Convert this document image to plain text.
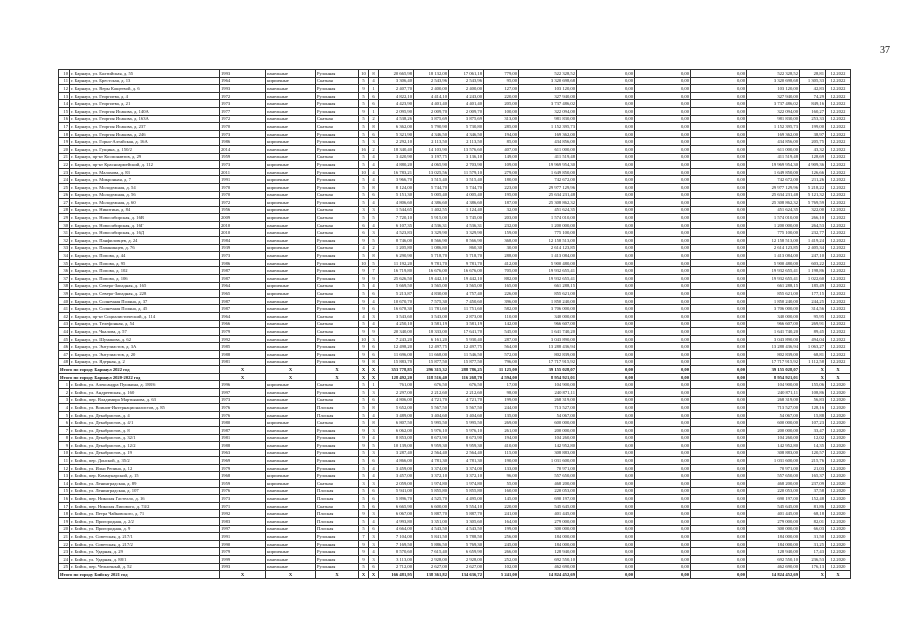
37
10	г. Барнаул, ул. Балтийская, д. 55	1993	панельные	Рулонная	10	8	20 665,98	18 132,08	17 061,18	779,00	522 328,52	0,00	0,00	0,00	522 328,52	28,81	12.2022
11	г. Барнаул, ул. Брестская, д. 13	1964	кирпичные	Скатная	5	4	3 306,40	2 543,96	2 543,96	95,00	3 320 698,68	0,00	0,00	0,00	3 320 698,68	1 305,33	12.2022
12	г. Барнаул, ул. Веры Кащеевой, д. 6	1993	панельные	Рулонная	9	1	2 407,70	2 400,00	2 400,00	127,00	103 120,00	0,00	0,00	0,00	103 120,00	42,83	12.2022
13	г. Барнаул, ул. Георгиева, д. 4	1972	панельные	Рулонная	5	6	4 822,10	4 414,10	4 243,00	220,00	327 940,00	0,00	0,00	0,00	327 940,00	74,29	12.2022
14	г. Барнаул, ул. Георгиева, д. 21	1973	панельные	Рулонная	5	6	4 423,90	4 401,40	4 401,40	205,00	3 737 486,02	0,00	0,00	0,00	3 737 486,02	849,16	12.2022
15	г. Барнаул, ул. Георгия Исакова, д. 140А	1977	панельные	Рулонная	9	1	2 095,90	2 009,70	2 009,70	100,00	322 094,00	0,00	0,00	0,00	322 094,00	160,27	12.2022
16	г. Барнаул, ул. Георгия Исакова, д. 163А	1972	панельные	Скатная	5	2	4 538,26	3 875,69	3 875,69	313,00	981 830,00	0,00	0,00	0,00	981 830,00	253,33	12.2022
17	г. Барнаул, ул. Георгия Исакова, д. 237	1970	панельные	Скатная	5	8	6 362,00	5 790,90	5 730,80	285,00	1 152 395,73	0,00	0,00	0,00	1 152 395,73	199,00	12.2022
18	г. Барнаул, ул. Георгия Исакова, д. 246	1973	панельные	Рулонная	5	6	5 321,90	4 346,50	4 346,50	194,00	169 362,00	0,00	0,00	0,00	169 362,00	38,97	12.2022
19	г. Барнаул, ул. Горно-Алтайская, д. 16А	1986	кирпичные	Рулонная	5	3	2 292,10	2 113,50	2 113,50	85,00	434 856,00	0,00	0,00	0,00	434 856,00	205,75	12.2022
20	г. Барнаул, ул. Гущина, д. 150/2	2014	панельные	Рулонная	16	2	18 340,40	14 103,90	13 576,60	407,00	611 000,00	0,00	0,00	0,00	611 000,00	43,32	12.2022
21	г. Барнаул, пр-кт Космонавтов, д. 29	1959	панельные	Скатная	5	4	3 420,90	3 197,75	3 136,10	149,00	411 519,48	0,00	0,00	0,00	411 519,48	128,69	12.2022
22	г. Барнаул, пр-кт Красноармейский, д. 112	1973	кирпичные	Рулонная	5	4	4 880,20	4 065,90	2 703,90	109,00	19 969 954,30	0,00	0,00	0,00	19 969 954,30	4 909,36	12.2022
23	г. Барнаул, ул. Малахова, д. 83	2011	панельные	Рулонная	10	4	16 783,21	13 025,56	11 579,10	279,00	1 649 850,00	0,00	0,00	0,00	1 649 850,00	126,66	12.2022
24	г. Барнаул, ул. Микронная, д. 7	1991	кирпичные	Рулонная	5	4	3 966,70	3 515,40	3 515,40	180,00	742 672,00	0,00	0,00	0,00	742 672,00	211,26	12.2022
25	г. Барнаул, ул. Молодежная, д. 54	1970	кирпичные	Рулонная	5	8	8 124,00	5 744,70	5 744,70	223,00	29 977 129,96	0,00	0,00	0,00	29 977 129,96	5 218,22	12.2022
26	г. Барнаул, ул. Молодежная, д. 56	1970	панельные	Скатная	5	6	5 151,30	5 005,40	4 005,40	195,00	25 634 231,48	0,00	0,00	0,00	25 634 231,48	5 121,32	12.2022
27	г. Барнаул, ул. Молодежная, д. 60	1972	кирпичные	Рулонная	5	4	4 806,60	4 386,60	4 386,60	187,00	25 308 862,32	0,00	0,00	0,00	25 308 862,32	5 769,59	12.2022
28	г. Барнаул, ул. Никитина, д. 84	1956	кирпичные	Скатная	3	3	1 544,65	1 402,55	1 124,40	32,00	451 624,35	0,00	0,00	0,00	451 624,35	322,00	12.2022
29	г. Барнаул, ул. Новосибирская, д. 16В	2009	кирпичные	Скатная	5	5	7 720,10	5 915,00	5 745,00	203,00	1 574 010,00	0,00	0,00	0,00	1 574 010,00	266,10	12.2022
30	г. Барнаул, ул. Новосибирская, д. 16Г	2010	панельные	Скатная	6	4	6 107,35	4 536,31	4 536,31	232,00	1 200 000,00	0,00	0,00	0,00	1 200 000,00	264,53	12.2022
31	г. Барнаул, ул. Новосибирская, д. 16Д	2010	панельные	Скатная	6	3	4 523,83	3 329,90	3 329,90	159,00	775 100,00	0,00	0,00	0,00	775 100,00	232,77	12.2022
32	г. Барнаул, ул. Панфиловцев, д. 24	1984	панельные	Рулонная	9	5	8 746,00	8 566,90	8 566,90	368,00	12 158 513,00	0,00	0,00	0,00	12 158 513,00	1 419,24	12.2022
33	г. Барнаул, ул. Папанинцев, д. 76	1939	кирпичные	Скатная	4	2	1 205,80	1 086,80	860,30	30,00	2 614 123,85	0,00	0,00	0,00	2 614 123,85	2 405,34	12.2022
34	г. Барнаул, ул. Попова, д. 44	1973	панельные	Рулонная	5	8	6 290,90	5 718,70	5 718,70	288,00	1 413 084,00	0,00	0,00	0,00	1 413 084,00	247,10	12.2022
35	г. Барнаул, ул. Попова, д. 95	1986	панельные	Рулонная	10	5	11 192,20	9 781,70	9 781,70	412,00	5 900 480,00	0,00	0,00	0,00	5 900 480,00	603,22	12.2022
36	г. Барнаул, ул. Попова, д. 102	1987	панельные	Рулонная	9	7	16 719,80	16 676,00	16 676,00	705,00	19 932 655,41	0,00	0,00	0,00	19 932 655,41	1 198,86	12.2022
37	г. Барнаул, ул. Попова, д. 106	1987	панельные	Рулонная	9	9	25 626,50	19 442,10	19 442,10	882,00	19 932 655,41	0,00	0,00	0,00	19 932 655,41	1 022,60	12.2022
38	г. Барнаул, ул. Северо-Западная, д. 165	1964	кирпичные	Скатная	5	4	5 669,50	3 565,00	3 565,00	165,00	661 288,15	0,00	0,00	0,00	661 288,15	185,49	12.2022
39	г. Барнаул, ул. Северо-Западная, д. 228	1965	кирпичные	Скатная	5	6	5 213,87	4 830,00	4 757,40	226,00	855 621,00	0,00	0,00	0,00	855 621,00	177,15	12.2022
40	г. Барнаул, ул. Солнечная Поляна, д. 37	1987	панельные	Рулонная	9	4	10 670,70	7 575,30	7 450,60	396,00	1 850 240,00	0,00	0,00	0,00	1 850 240,00	244,25	12.2022
41	г. Барнаул, ул. Солнечная Поляна, д. 45	1987	панельные	Рулонная	9	6	16 678,30	11 781,60	11 751,60	582,00	3 706 000,00	0,00	0,00	0,00	3 706 000,00	314,56	12.2022
42	г. Барнаул, пр-кт Социалистический, д. 114	1964	панельные	Скатная	4	3	3 543,60	3 543,00	2 873,00	110,00	340 000,00	0,00	0,00	0,00	340 000,00	95,95	12.2022
43	г. Барнаул, ул. Телефонная, д. 54	1966	панельные	Скатная	5	4	4 250,10	3 581,19	3 581,19	142,00	966 607,00	0,00	0,00	0,00	966 607,00	269,91	12.2022
44	г. Барнаул, ул. Чкалова, д. 57	1979	панельные	Скатная	9	9	20 340,00	18 333,00	17 641,70	545,00	1 641 740,20	0,00	0,00	0,00	1 641 740,20	89,45	12.2022
45	г. Барнаул, ул. Шумакова, д. 62	1992	панельные	Рулонная	10	3	7 243,20	6 161,20	5 930,40	287,00	3 043 890,00	0,00	0,00	0,00	3 043 890,00	494,04	12.2022
46	г. Барнаул, ул. Энтузиастов, д. 3А	1985	панельные	Рулонная	9	6	12 498,20	12 497,75	12 497,75	564,00	13 288 436,94	0,00	0,00	0,00	13 288 436,94	1 063,27	12.2022
47	г. Барнаул, ул. Энтузиастов, д. 20	1988	панельные	Рулонная	9	6	11 696,00	11 668,00	11 546,50	572,00	802 839,00	0,00	0,00	0,00	802 839,00	68,81	12.2022
48	г. Барнаул, ул. Ядерная, д. 2	1981	панельные	Рулонная	9	8	15 883,70	15 877,50	15 877,50	796,00	17 717 915,92	0,00	0,00	0,00	17 717 915,92	1 112,58	12.2022
Итого по городу Барнаул 2022 год		X	X	X	X	X	353 778,85	296 315,32	288 786,25	11 125,00	39 155 028,07	0,00	0,00	0,00	39 155 028,07	X	X
Итого по городу Барнаул 2020-2022 год		X	X	X	X	X	128 492,20	118 516,40	116 268,70	4 594,00	8 954 921,01	0,00	0,00	0,00	8 954 921,01	X	X
1	г. Бийск, ул. Александра Пушкина, д. 188/6	1996	кирпичные	Скатная	5	1	761,00	676,50	676,50	17,00	104 900,00	0,00	0,00	0,00	104 900,00	155,06	12.2020
2	г. Бийск, ул. Андреевская, д. 160	1997	панельные	Рулонная	5	3	2 297,00	2 212,60	2 212,60	98,00	240 871,11	0,00	0,00	0,00	240 871,11	108,86	12.2020
3	г. Бийск, пер. Владимира Мартьянова, д. 63	1973	панельные	Скатная	5	6	4 806,00	4 721,70	4 721,70	199,00	268 319,00	0,00	0,00	0,00	268 319,00	56,83	12.2020
4	г. Бийск, ул. Воинов-Интернационалистов, д. 85	1976	панельные	Плоская	5	8	5 652,00	5 567,50	5 567,50	244,00	713 527,00	0,00	0,00	0,00	713 527,00	128,16	12.2020
5	г. Бийск, ул. Декабристов, д. 4	1976	панельные	Плоская	5	4	3 489,00	3 404,60	3 404,60	135,00	54 067,00	0,00	0,00	0,00	54 067,00	15,88	12.2020
6	г. Бийск, ул. Декабристов, д. 4/1	1980	кирпичные	Скатная	5	8	6 807,50	5 995,50	5 995,50	269,00	600 000,00	0,00	0,00	0,00	600 000,00	107,23	12.2020
7	г. Бийск, ул. Декабристов, д. 8	1987	панельные	Рулонная	9	3	6 062,00	5 976,10	5 976,10	261,00	200 000,00	0,00	0,00	0,00	200 000,00	33,47	12.2020
8	г. Бийск, ул. Декабристов, д. 32/1	1981	панельные	Рулонная	9	4	8 853,00	8 673,90	8 673,90	194,00	104 260,00	0,00	0,00	0,00	104 260,00	12,02	12.2020
9	г. Бийск, ул. Декабристов, д. 12/2	1988	панельные	Рулонная	9	5	10 139,00	9 959,30	9 959,30	410,00	142 952,80	0,00	0,00	0,00	142 952,80	14,35	12.2020
10	г. Бийск, ул. Декабристов, д. 19	1963	панельные	Рулонная	5	3	3 287,40	2 564,40	2 564,40	115,00	308 883,00	0,00	0,00	0,00	308 883,00	120,57	12.2020
11	г. Бийск, пер. Донской, д. 35/2	1969	панельные	Рулонная	5	6	4 866,00	4 781,30	4 781,30	190,00	1 031 600,00	0,00	0,00	0,00	1 031 600,00	215,76	12.2020
12	г. Бийск, ул. Ильи Репина, д. 12	1979	панельные	Рулонная	5	4	3 459,00	3 374,00	3 374,00	133,00	70 971,00	0,00	0,00	0,00	70 971,00	21,03	12.2020
13	г. Бийск, пер. Коммунарский, д. 15	1968	кирпичные	Рулонная	5	4	3 457,00	3 372,10	3 372,10	96,00	557 650,00	0,00	0,00	0,00	557 650,00	165,37	12.2020
14	г. Бийск, ул. Ленинградская, д. 89	1959	кирпичные	Скатная	3	3	2 059,00	1 974,80	1 974,80	55,00	468 200,00	0,00	0,00	0,00	468 200,00	237,09	12.2020
15	г. Бийск, ул. Ленинградская, д. 107	1976	панельные	Плоская	5	6	5 941,00	5 855,80	5 855,80	160,00	220 053,00	0,00	0,00	0,00	220 053,00	37,58	12.2020
16	г. Бийск, пер. Николая Гастелло, д. 16	1973	панельные	Плоская	5	6	5 896,70	4 525,70	4 495,00	145,00	690 197,00	0,00	0,00	0,00	690 197,00	152,48	12.2020
17	г. Бийск, пер. Николая Липового, д. 74/2	1971	панельные	Скатная	5	6	6 665,90	6 600,00	5 554,10	220,00	545 645,00	0,00	0,00	0,00	545 645,00	81,86	12.2020
18	г. Бийск, ул. Петра Чайковского, д. 71	1992	панельные	Плоская	9	3	6 067,00	5 887,70	5 887,70	241,00	401 445,00	0,00	0,00	0,00	401 445,00	68,18	12.2020
19	г. Бийск, ул. Пригородная, д. 2/2	1983	панельные	Плоская	5	4	4 993,80	3 351,00	3 305,60	164,00	279 000,00	0,00	0,00	0,00	279 000,00	82,01	12.2020
20	г. Бийск, ул. Пригородная, д. 9	1997	панельные	Плоская	5	6	4 664,00	4 543,50	4 543,50	199,00	300 000,00	0,00	0,00	0,00	300 000,00	66,03	12.2020
21	г. Бийск, ул. Советская, д. 217/1	1991	панельные	Рулонная	7	3	7 104,00	5 841,50	5 788,50	256,00	184 000,00	0,00	0,00	0,00	184 000,00	31,50	12.2020
22	г. Бийск, ул. Советская, д. 217/2	1990	панельные	Рулонная	9	3	7 169,50	5 886,50	5 769,30	245,00	184 000,00	0,00	0,00	0,00	184 000,00	31,25	12.2020
23	г. Бийск, ул. Ударная, д. 29	1979	кирпичные	Рулонная	9	4	8 570,60	7 615,40	6 659,90	266,00	128 940,00	0,00	0,00	0,00	128 940,00	17,43	12.2020
24	г. Бийск, ул. Ударная, д. 88/1	1999	панельные	Рулонная	9	3	3 113,00	2 928,00	2 928,00	252,00	692 550,10	0,00	0,00	0,00	692 550,10	236,53	12.2020
25	г. Бийск, пер. Челночный, д. 52	1993	панельные	Рулонная	5	6	2 712,00	2 627,00	2 627,00	102,00	462 690,00	0,00	0,00	0,00	462 690,00	176,13	12.2020
Итого по городу Бийску 2021 год		X	X	X	X	X	166 481,95	138 361,82	134 636,72	5 241,00	14 824 452,69	0,00	0,00	0,00	14 824 452,69	X	X
